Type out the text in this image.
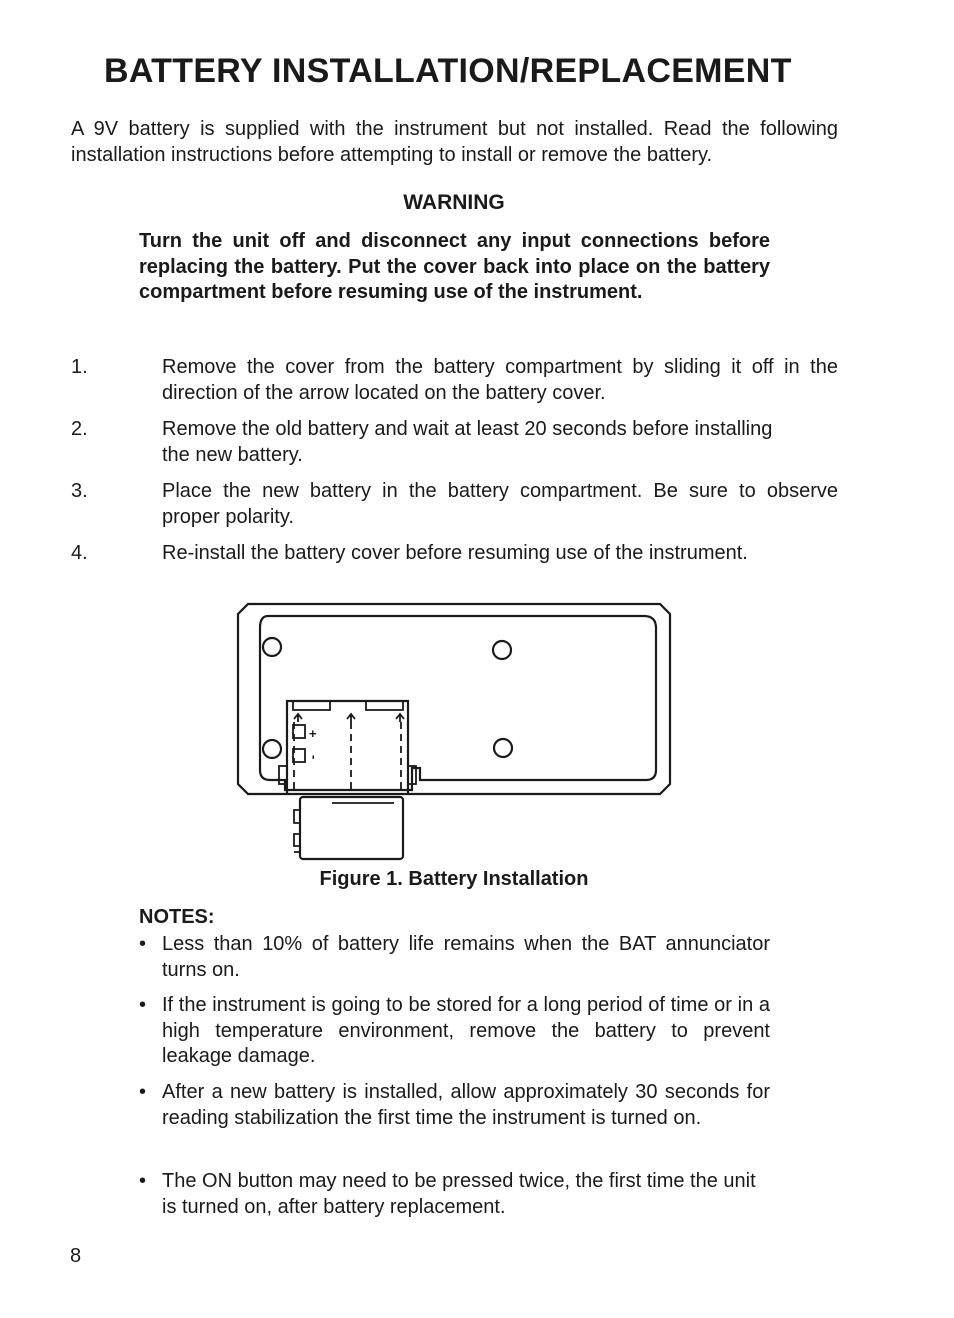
BATTERY INSTALLATION/REPLACEMENT

A 9V battery is supplied with the instrument but not installed. Read the following installation instructions before attempting to install or remove the battery.

WARNING

Turn the unit off and disconnect any input connections before replacing the battery. Put the cover back into place on the battery compartment before resuming use of the instrument.

1.	Remove the cover from the battery compartment by sliding it off in the direction of the arrow located on the battery cover.
2.	Remove the old battery and wait at least 20 seconds before installing the new battery.
3.	Place the new battery in the battery compartment. Be sure to observe proper polarity.
4.	Re-install the battery cover before resuming use of the instrument.
+
-
Figure 1. Battery Installation
NOTES:
• Less than 10% of battery life remains when the BAT annunciator turns on.
• If the instrument is going to be stored for a long period of time or in a high temperature environment, remove the battery to prevent leakage damage.
• After a new battery is installed, allow approximately 30 seconds for reading stabilization the first time the instrument is turned on.
• The ON button may need to be pressed twice, the first time the unit is turned on, after battery replacement.
8
